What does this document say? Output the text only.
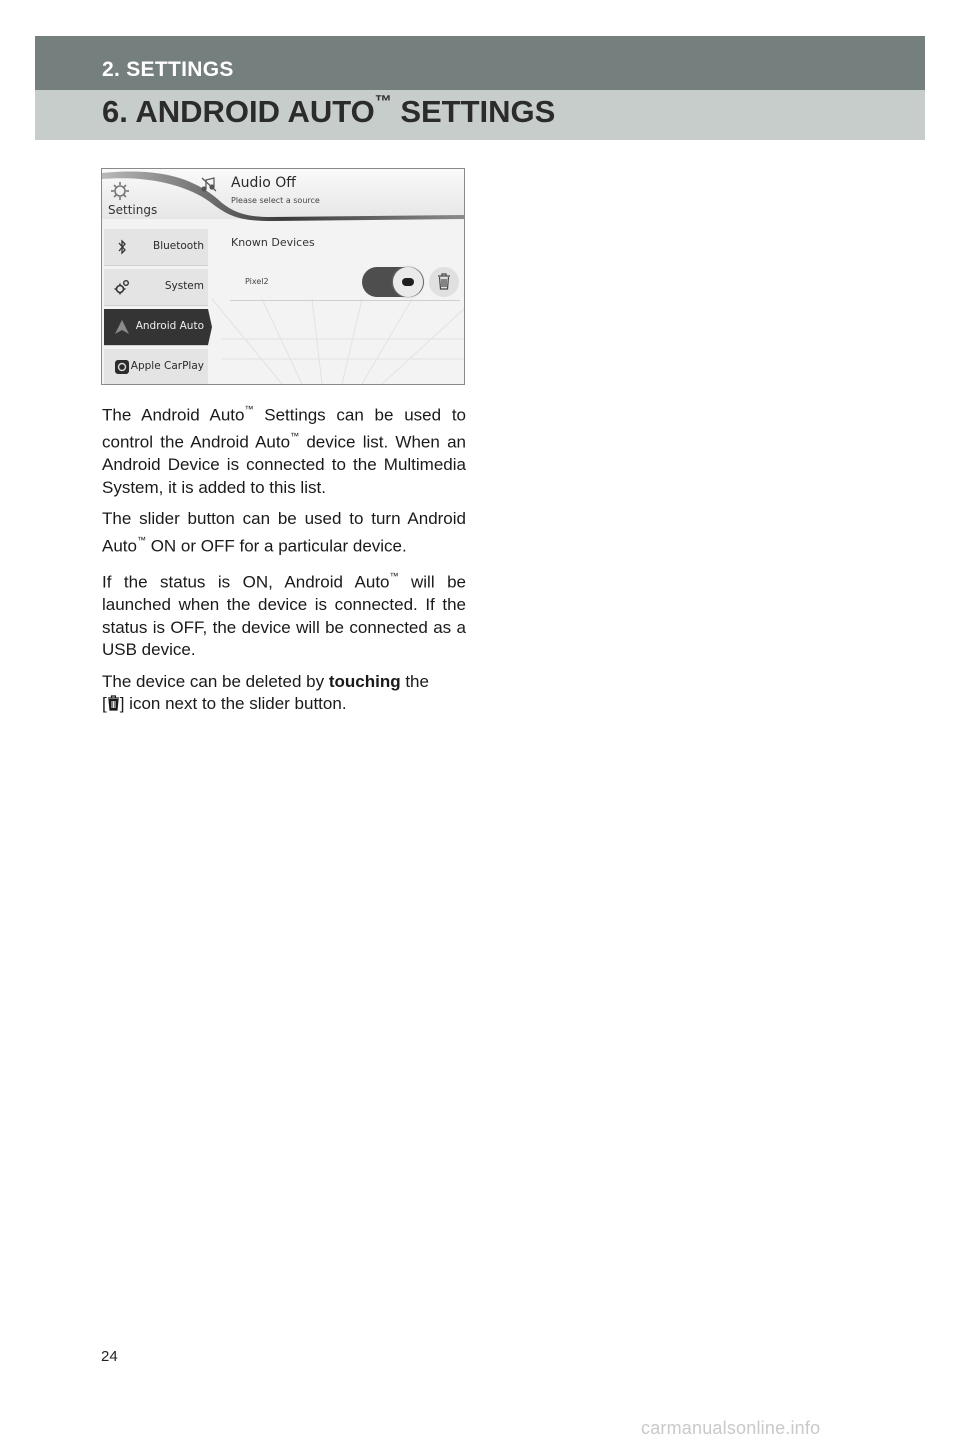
2. SETTINGS
6. ANDROID AUTO™ SETTINGS
Settings
Audio Off
Please select a source
Bluetooth
System
Android Auto
Apple CarPlay
Known Devices
Pixel2

The Android Auto™ Settings can be used to control the Android Auto™ device list. When an Android Device is connected to the Multimedia System, it is added to this list.

The slider button can be used to turn Android Auto™ ON or OFF for a particular device.

If the status is ON, Android Auto™ will be launched when the device is connected. If the status is OFF, the device will be connected as a USB device.

The device can be deleted by touching the
[ ] icon next to the slider button.

24
carmanualsonline.info
